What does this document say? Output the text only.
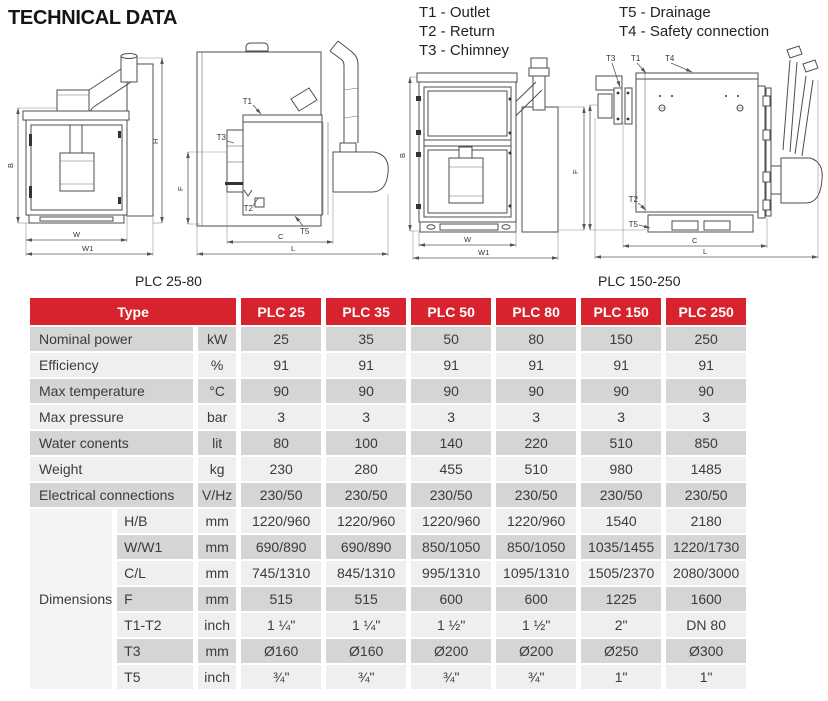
B
H
W
W1
T1
T3
T2
T5
F
C
L
B
W
W1
F
T3 T1	T4
T2
T5
C
L
TECHNICAL DATA	T1 - Outlet
T2 - Return
T3 - Chimney
T5 - Drainage
T4 - Safety connection
PLC 25-80	PLC 150-250
Type			PLC 25	PLC 35	PLC 50	PLC 80	PLC 150	PLC 250
Nominal power		kW	25	35	50	80	150	250
Efficiency		%	91	91	91	91	91	91
Max temperature		°C	90	90	90	90	90	90
Max pressure		bar	3	3	3	3	3	3
Water conents		lit	80	100	140	220	510	850
Weight		kg	230	280	455	510	980	1485
Electrical connections		V/Hz	230/50	230/50	230/50	230/50	230/50	230/50
Dimensions	H/B	mm	1220/960	1220/960	1220/960	1220/960	1540	2180
	W/W1	mm	690/890	690/890	850/1050	850/1050	1035/1455	1220/1730
	C/L	mm	745/1310	845/1310	995/1310	1095/1310	1505/2370	2080/3000
	F	mm	515	515	600	600	1225	1600
	T1-T2	inch	1 ¼"	1 ¼"	1 ½"	1 ½"	2"	DN 80
	T3	mm	Ø160	Ø160	Ø200	Ø200	Ø250	Ø300
	T5	inch	¾"	¾"	¾"	¾"	1"	1"
